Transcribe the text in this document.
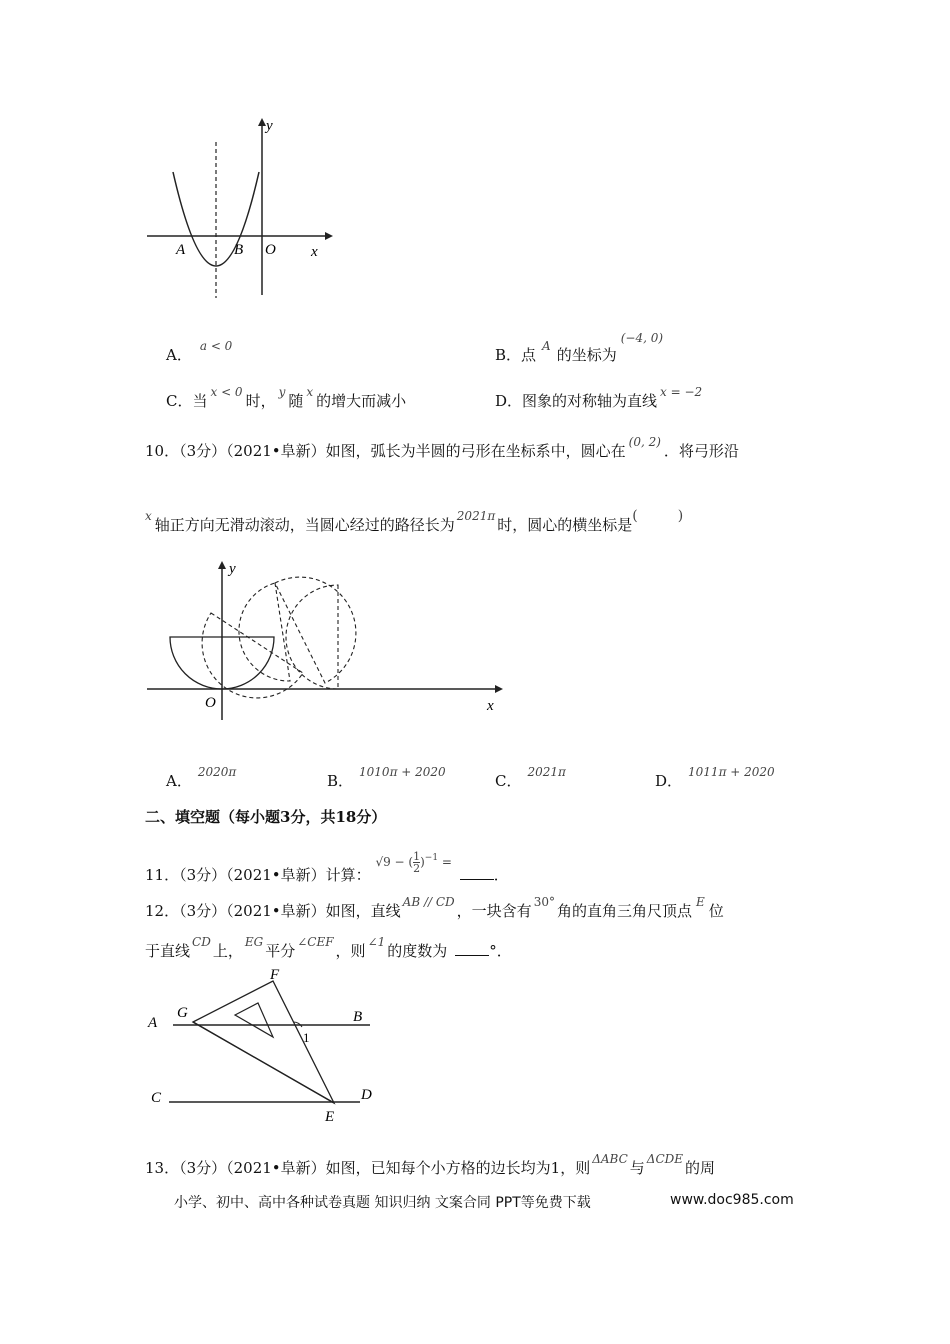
y
x
A	B O
A． $^{a < 0}$	B．点 $^A$ 的坐标为$^{(-4, 0)}$
C．当 $^{x < 0}$ 时， $^y$ 随 $^x$ 的增大而减小	D．图象的对称轴为直线 $^{x = -2}$
10．（3分）（2021•阜新）如图，弧长为半圆的弓形在坐标系中，圆心在 $^{(0, 2)}$ ．将弓形沿
$^x$ 轴正方向无滑动滚动，当圆心经过的路径长为 $^{2021\pi}$ 时，圆心的横坐标是(	)
y
x
O
A． $^{2020\pi}$	B． $^{1010\pi + 2020}$	C． $^{2021\pi}$	D． $^{1011\pi + 2020}$
二、填空题（每小题3分，共18分）
11．（3分）（2021•阜新）计算： $^{√9 - ( \frac{1}{2} )^{-1} =}$ ．
12．（3分）（2021•阜新）如图，直线 $^{AB // CD}$ ，一块含有 $^{30^\circ}$ 角的直角三角尺顶点 $^E$ 位
于直线 $^{CD}$ 上， $^{EG}$ 平分 $^{\angle CEF}$ ，则 $^{\angle 1}$ 的度数为	°．
A
G
F
B
1
C
E
D
13．（3分）（2021•阜新）如图，已知每个小方格的边长均为1，则 $^{\Delta ABC}$ 与 $^{\Delta CDE}$ 的周
小学、初中、高中各种试卷真题 知识归纳 文案合同 PPT等免费下载	www.doc985.com
